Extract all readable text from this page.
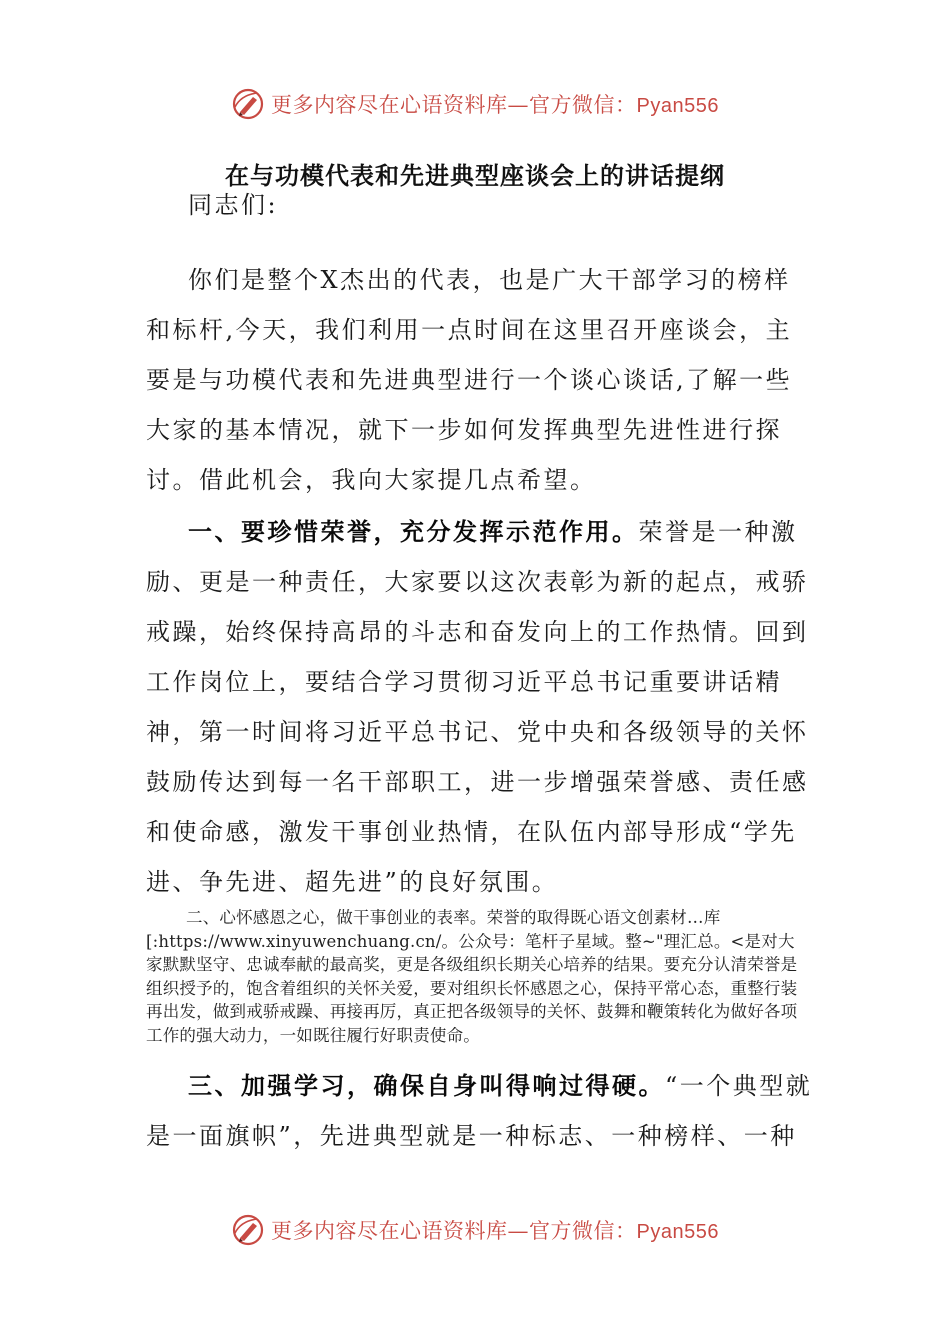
更多内容尽在心语资料库—官方微信：Pyan556
在与功模代表和先进典型座谈会上的讲话提纲
同志们:
你们是整个X杰出的代表，也是广大干部学习的榜样和标杆,今天，我们利用一点时间在这里召开座谈会，主要是与功模代表和先进典型进行一个谈心谈话,了解一些大家的基本情况，就下一步如何发挥典型先进性进行探讨。借此机会，我向大家提几点希望。
一、要珍惜荣誉，充分发挥示范作用。荣誉是一种激励、更是一种责任，大家要以这次表彰为新的起点，戒骄戒躁，始终保持高昂的斗志和奋发向上的工作热情。回到工作岗位上，要结合学习贯彻习近平总书记重要讲话精神，第一时间将习近平总书记、党中央和各级领导的关怀鼓励传达到每一名干部职工，进一步增强荣誉感、责任感和使命感，激发干事创业热情，在队伍内部导形成“学先进、争先进、超先进”的良好氛围。
二、心怀感恩之心，做干事创业的表率。荣誉的取得既心语文创素材…库[:https://www.xinyuwenchuang.cn/。公众号：笔杆子星域。整~"理汇总。<是对大家默默坚守、忠诚奉献的最高奖，更是各级组织长期关心培养的结果。要充分认清荣誉是组织授予的，饱含着组织的关怀关爱，要对组织长怀感恩之心，保持平常心态，重整行装再出发，做到戒骄戒躁、再接再厉，真正把各级领导的关怀、鼓舞和鞭策转化为做好各项工作的强大动力，一如既往履行好职责使命。
三、加强学习，确保自身叫得响过得硬。“一个典型就是一面旗帜”，先进典型就是一种标志、一种榜样、一种
更多内容尽在心语资料库—官方微信：Pyan556
